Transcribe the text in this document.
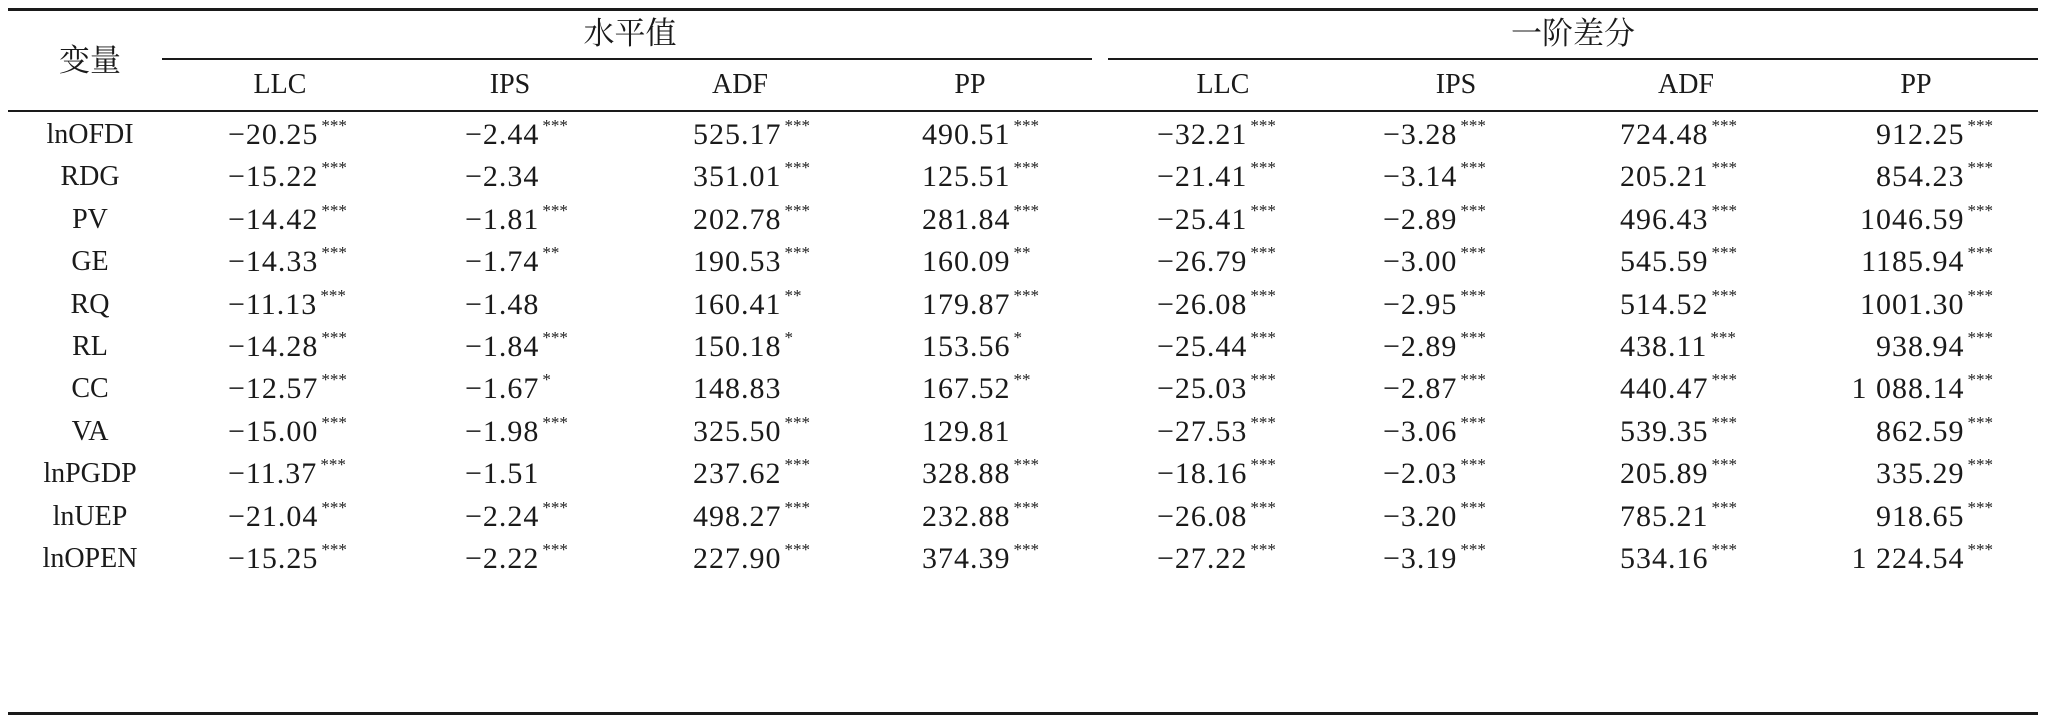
变量
水平值	一阶差分
LLC	IPS	ADF	PP	LLC	IPS	ADF	PP
lnOFDI	−20.25 ***	−2.44 ***	525.17 ***	490.51 ***	−32.21 ***	−3.28 ***	724.48 ***	912.25 ***
RDG	−15.22 ***	−2.34	351.01 ***	125.51 ***	−21.41 ***	−3.14 ***	205.21 ***	854.23 ***
PV	−14.42 ***	−1.81 ***	202.78 ***	281.84 ***	−25.41 ***	−2.89 ***	496.43 ***	1046.59 ***
GE	−14.33 ***	−1.74 **	190.53 ***	160.09 **	−26.79 ***	−3.00 ***	545.59 ***	1185.94 ***
RQ	−11.13 ***	−1.48	160.41 **	179.87 ***	−26.08 ***	−2.95 ***	514.52 ***	1001.30 ***
RL	−14.28 ***	−1.84 ***	150.18 *	153.56 *	−25.44 ***	−2.89 ***	438.11 ***	938.94 ***
CC	−12.57 ***	−1.67 *	148.83	167.52 **	−25.03 ***	−2.87 ***	440.47 ***	1 088.14 ***
VA	−15.00 ***	−1.98 ***	325.50 ***	129.81	−27.53 ***	−3.06 ***	539.35 ***	862.59 ***
lnPGDP	−11.37 ***	−1.51	237.62 ***	328.88 ***	−18.16 ***	−2.03 ***	205.89 ***	335.29 ***
lnUEP	−21.04 ***	−2.24 ***	498.27 ***	232.88 ***	−26.08 ***	−3.20 ***	785.21 ***	918.65 ***
lnOPEN	−15.25 ***	−2.22 ***	227.90 ***	374.39 ***	−27.22 ***	−3.19 ***	534.16 ***	1 224.54 ***
